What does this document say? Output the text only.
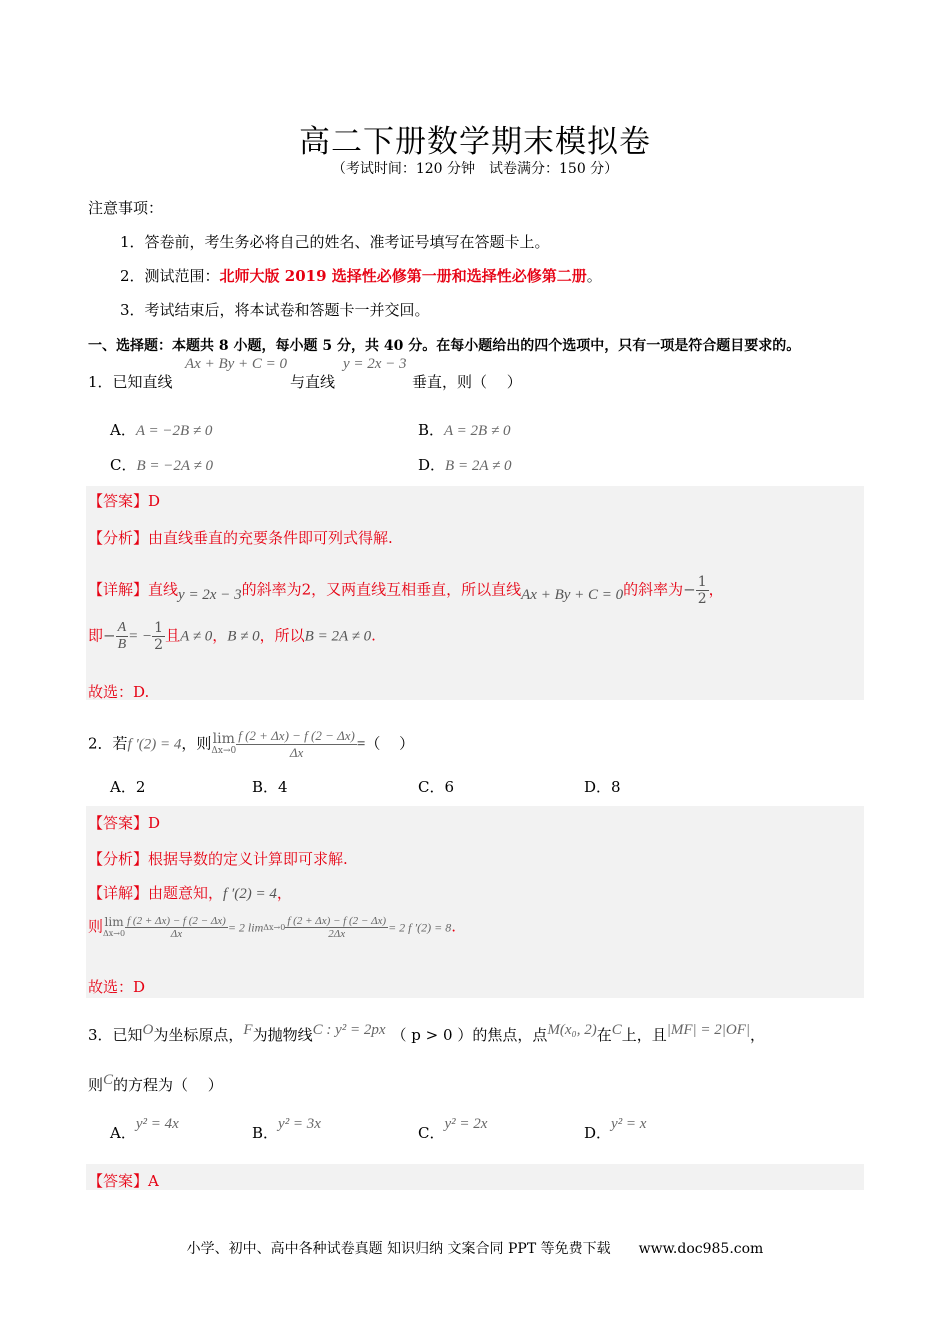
高二下册数学期末模拟卷
（考试时间：120 分钟　试卷满分：150 分）
注意事项：
1．答卷前，考生务必将自己的姓名、准考证号填写在答题卡上。
2．测试范围：北师大版 2019 选择性必修第一册和选择性必修第二册。
3．考试结束后，将本试卷和答题卡一并交回。
一、选择题：本题共 8 小题，每小题 5 分，共 40 分。在每小题给出的四个选项中，只有一项是符合题目要求的。
1．已知直线
Ax + By + C = 0
与直线
y = 2x − 3
垂直，则（　 ）
A．A = −2B ≠ 0	B．A = 2B ≠ 0
C．B = −2A ≠ 0	D．B = 2A ≠ 0
【答案】D
【分析】由直线垂直的充要条件即可列式得解.
【详解】直线y = 2x − 3的斜率为2，又两直线互相垂直，所以直线Ax + By + C = 0的斜率为− $\frac{1}{2}$ ，
即− $\frac{A}{B}$ = − $\frac{1}{2}$ 且A ≠ 0，B ≠ 0，所以B = 2A ≠ 0.
故选：D.
2．若f ′(2) = 4，则 lim
$\Delta x\to 0 \frac{f (2 + \Delta x) - f (2 - \Delta x)}{\Delta x}$ =（　 ）
A．2	B．4	C．6	D．8
【答案】D
【分析】根据导数的定义计算即可求解.
【详解】由题意知，f ′(2) = 4，
则 lim
$\Delta x\to 0 \frac{f (2 + \Delta x) - f (2 - \Delta x)}{\Delta x} = 2$ $\lim\Delta x\to 0 \frac{f (2 + \Delta x) - f (2 - \Delta x)}{2\Delta x} = 2$ f ′(2) = 8.
故选：D
3．已知O为坐标原点，F为抛物线C : y² = 2px （ p > 0 ）的焦点，点M(x₀, 2)在C上，且|MF| = 2|OF|，
则C的方程为（　 ）
A．y² = 4x	B．y² = 3x	C．y² = 2x	D．y² = x
【答案】A
小学、初中、高中各种试卷真题 知识归纳 文案合同 PPT 等免费下载　　www.doc985.com
